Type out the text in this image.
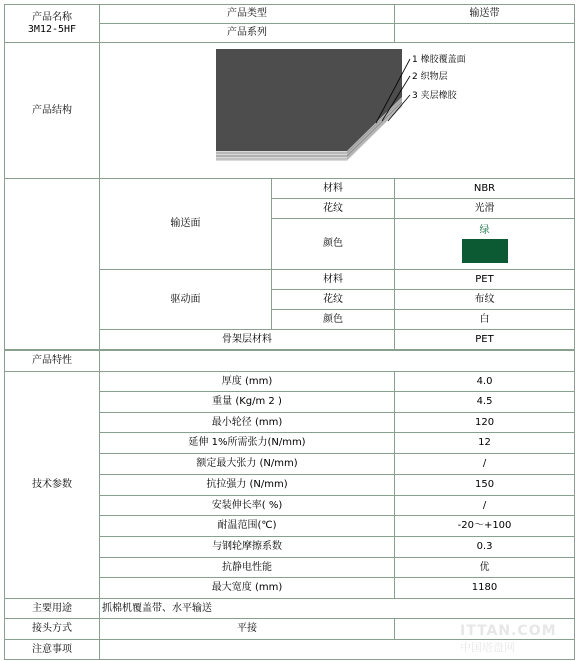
产品名称
3M12-5HF	产品类型		输送带
	产品系列		
产品结构	1 橡胶覆盖面
2 织物层
3 夹层橡胶		

	输送面	材料	NBR
		花纹	光滑
		颜色	绿

	驱动面	材料	PET
		花纹	布纹
		颜色	白
	骨架层材料		PET
产品特性		
技术参数	厚度 (mm)	4.0
	重量 (Kg/m 2 )	4.5
	最小轮径 (mm)	120
	延伸 1%所需张力(N/mm)	12
	额定最大张力 (N/mm)	/
	抗拉强力 (N/mm)	150
	安装伸长率( %)	/
	耐温范围(℃)	-20～+100
	与钢轮摩擦系数	0.3
	抗静电性能	优
	最大宽度 (mm)	1180
主要用途	抓棉机覆盖带、水平输送	
接头方式	平接	
注意事项		
ITTAN.COM
中国塔盘网
